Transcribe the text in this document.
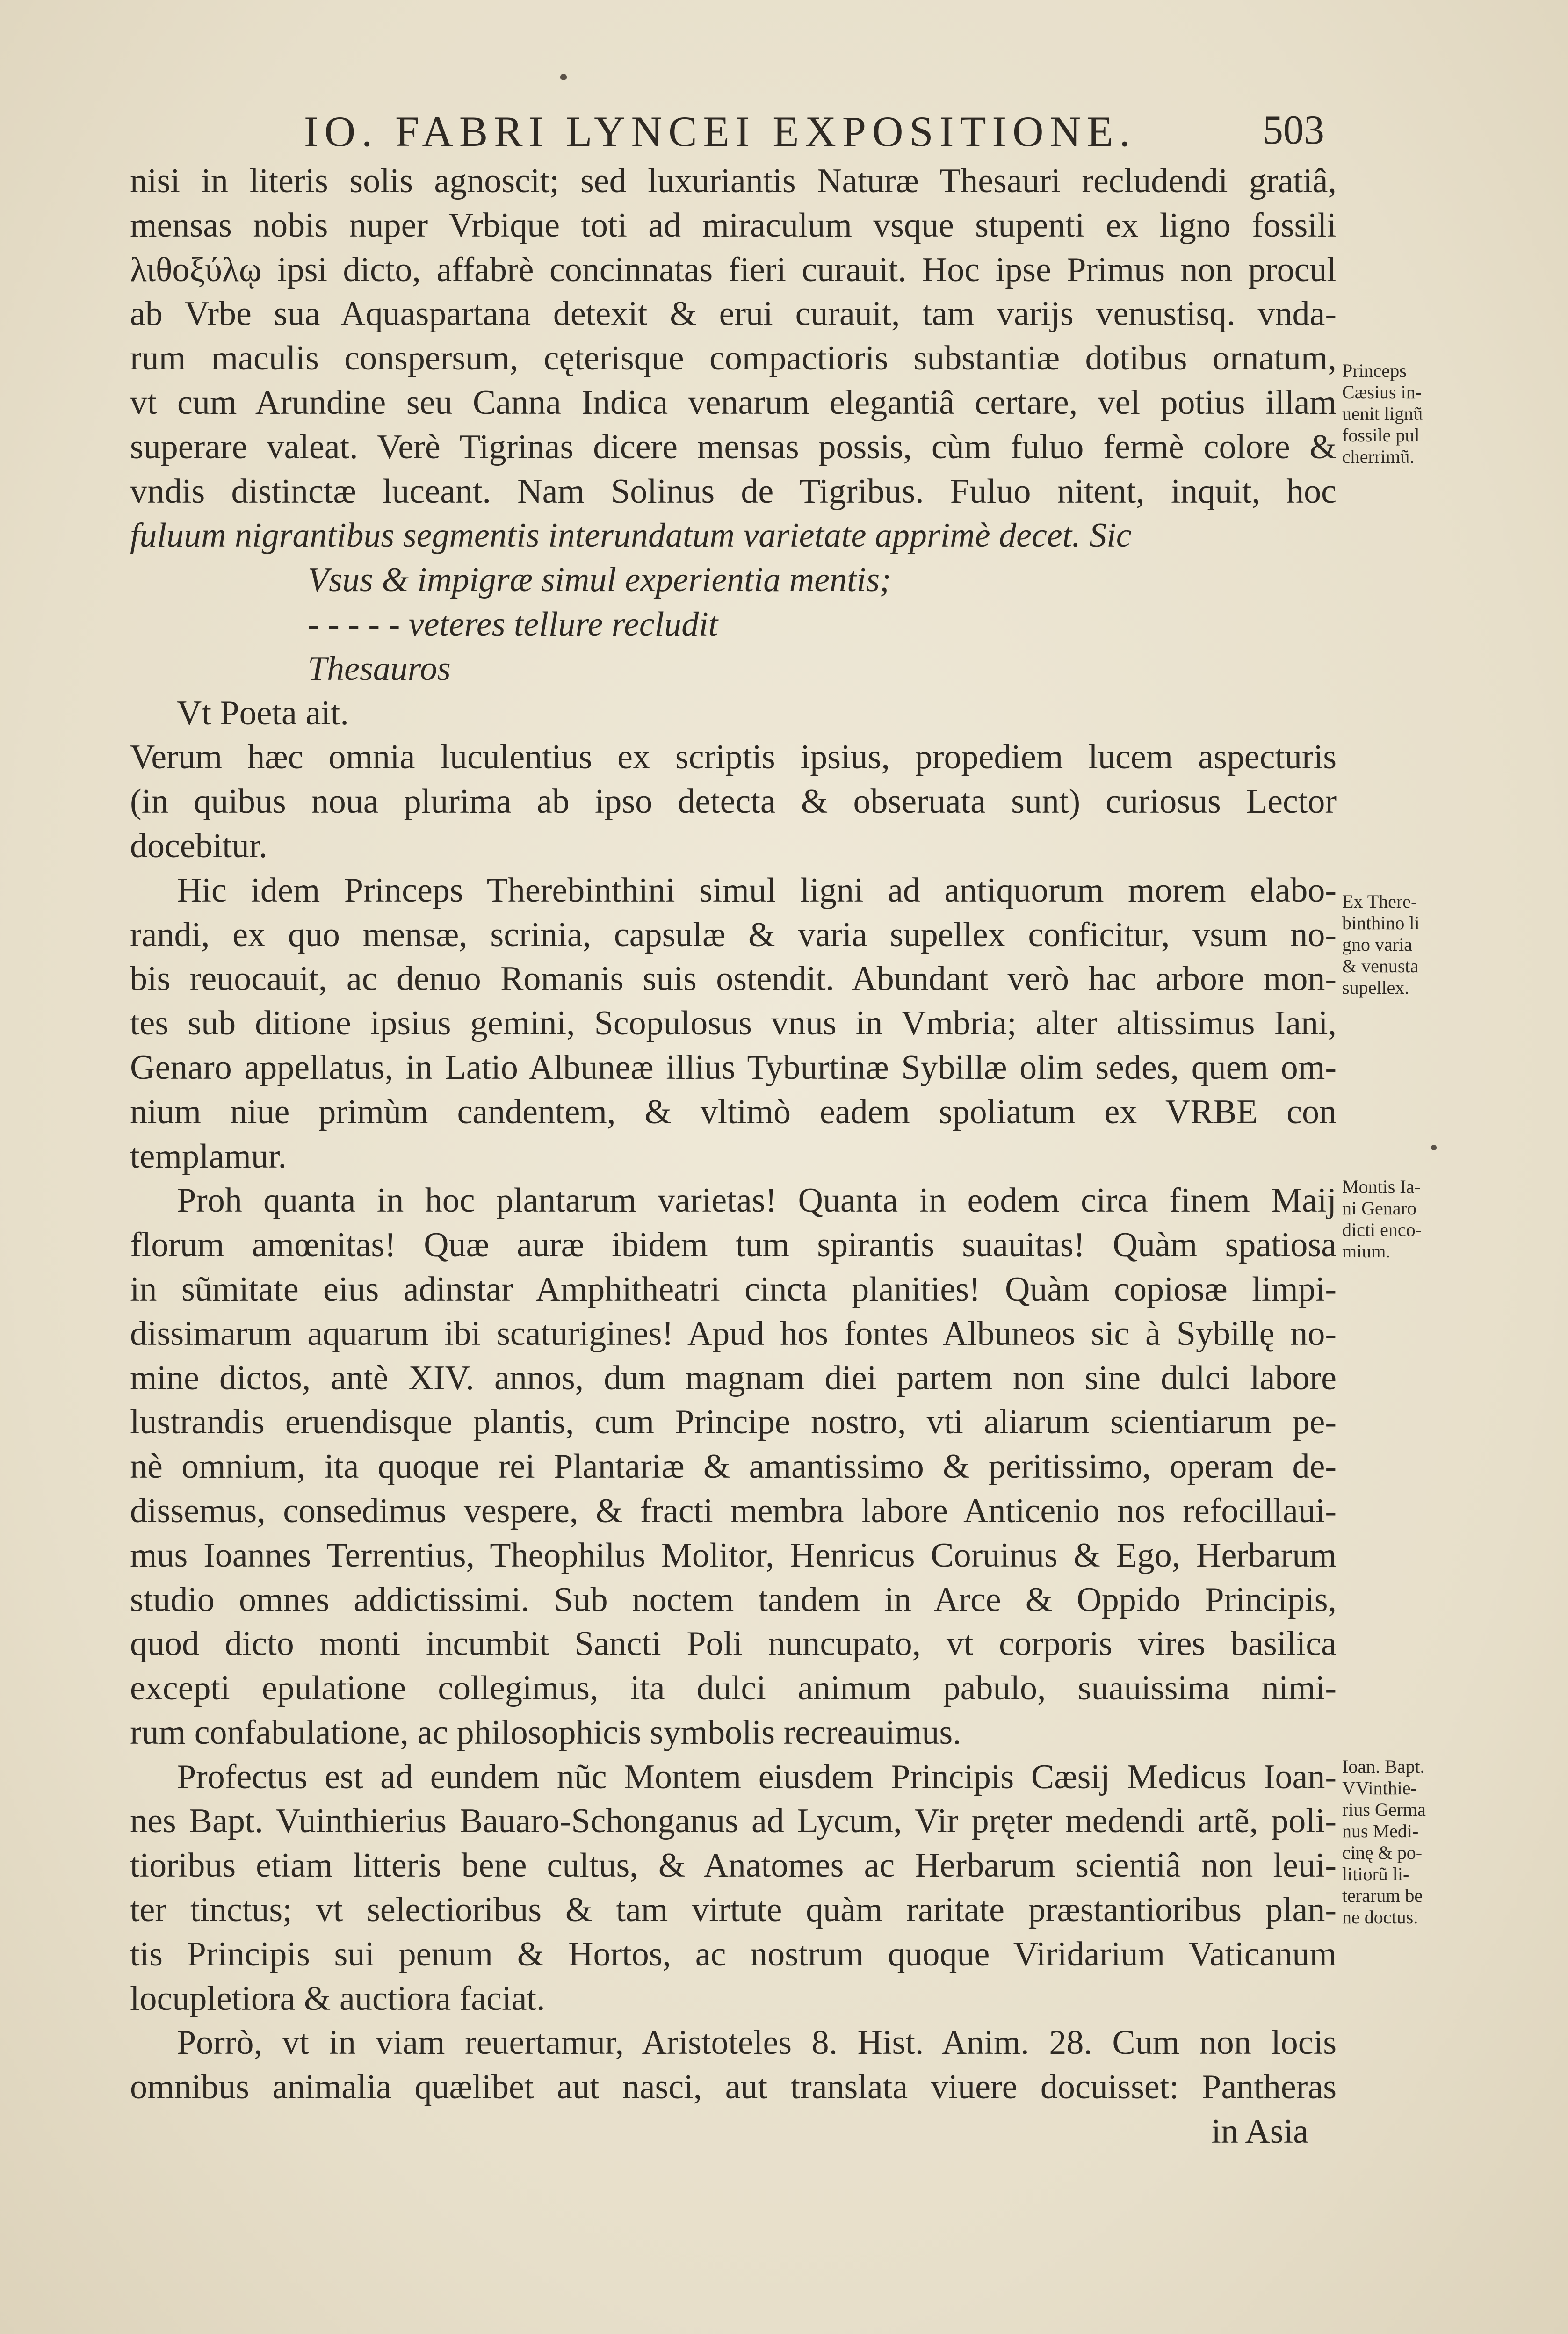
IO. FABRI LYNCEI EXPOSITIONE.	503
nisi in literis solis agnoscit; sed luxuriantis Naturæ Thesauri recludendi gratiâ,
mensas nobis nuper Vrbique toti ad miraculum vsque stupenti ex ligno fossili
λιθοξύλῳ ipsi dicto, affabrè concinnatas fieri curauit. Hoc ipse Primus non procul
ab Vrbe sua Aquaspartana detexit & erui curauit, tam varijs venustisq. vnda-
rum maculis conspersum, cęterisque compactioris substantiæ dotibus ornatum,
vt cum Arundine seu Canna Indica venarum elegantiâ certare, vel potius illam
superare valeat. Verè Tigrinas dicere mensas possis, cùm fuluo fermè colore &
vndis distinctæ luceant. Nam Solinus de Tigribus. Fuluo nitent, inquit, hoc
fuluum nigrantibus segmentis interundatum varietate apprimè decet. Sic
Vsus & impigræ simul experientia mentis;
- - - - - veteres tellure recludit
Thesauros
Vt Poeta ait.
Verum hæc omnia luculentius ex scriptis ipsius, propediem lucem aspecturis
(in quibus noua plurima ab ipso detecta & obseruata sunt) curiosus Lector
docebitur.
Hic idem Princeps Therebinthini simul ligni ad antiquorum morem elabo-
randi, ex quo mensæ, scrinia, capsulæ & varia supellex conficitur, vsum no-
bis reuocauit, ac denuo Romanis suis ostendit. Abundant verò hac arbore mon-
tes sub ditione ipsius gemini, Scopulosus vnus in Vmbria; alter altissimus Iani,
Genaro appellatus, in Latio Albuneæ illius Tyburtinæ Sybillæ olim sedes, quem om-
nium niue primùm candentem, & vltimò eadem spoliatum ex VRBE con
templamur.
Proh quanta in hoc plantarum varietas! Quanta in eodem circa finem Maij
florum amœnitas! Quæ auræ ibidem tum spirantis suauitas! Quàm spatiosa
in sũmitate eius adinstar Amphitheatri cincta planities! Quàm copiosæ limpi-
dissimarum aquarum ibi scaturigines! Apud hos fontes Albuneos sic à Sybillę no-
mine dictos, antè XIV. annos, dum magnam diei partem non sine dulci labore
lustrandis eruendisque plantis, cum Principe nostro, vti aliarum scientiarum pe-
nè omnium, ita quoque rei Plantariæ & amantissimo & peritissimo, operam de-
dissemus, consedimus vespere, & fracti membra labore Anticenio nos refocillaui-
mus Ioannes Terrentius, Theophilus Molitor, Henricus Coruinus & Ego, Herbarum
studio omnes addictissimi. Sub noctem tandem in Arce & Oppido Principis,
quod dicto monti incumbit Sancti Poli nuncupato, vt corporis vires basilica
excepti epulatione collegimus, ita dulci animum pabulo, suauissima nimi-
rum confabulatione, ac philosophicis symbolis recreauimus.
Profectus est ad eundem nũc Montem eiusdem Principis Cæsij Medicus Ioan-
nes Bapt. Vuinthierius Bauaro-Schonganus ad Lycum, Vir pręter medendi artẽ, poli-
tioribus etiam litteris bene cultus, & Anatomes ac Herbarum scientiâ non leui-
ter tinctus; vt selectioribus & tam virtute quàm raritate præstantioribus plan-
tis Principis sui penum & Hortos, ac nostrum quoque Viridarium Vaticanum
locupletiora & auctiora faciat.
Porrò, vt in viam reuertamur, Aristoteles 8. Hist. Anim. 28. Cum non locis
omnibus animalia quælibet aut nasci, aut translata viuere docuisset: Pantheras
in Asia
Princeps
Cæsius in-
uenit lignũ
fossile pul
cherrimũ.
Ex There-
binthino li
gno varia
& venusta
supellex.
Montis Ia-
ni Genaro
dicti enco-
mium.
Ioan. Bapt.
VVinthie-
rius Germa
nus Medi-
cinę & po-
litiorũ li-
terarum be
ne doctus.
